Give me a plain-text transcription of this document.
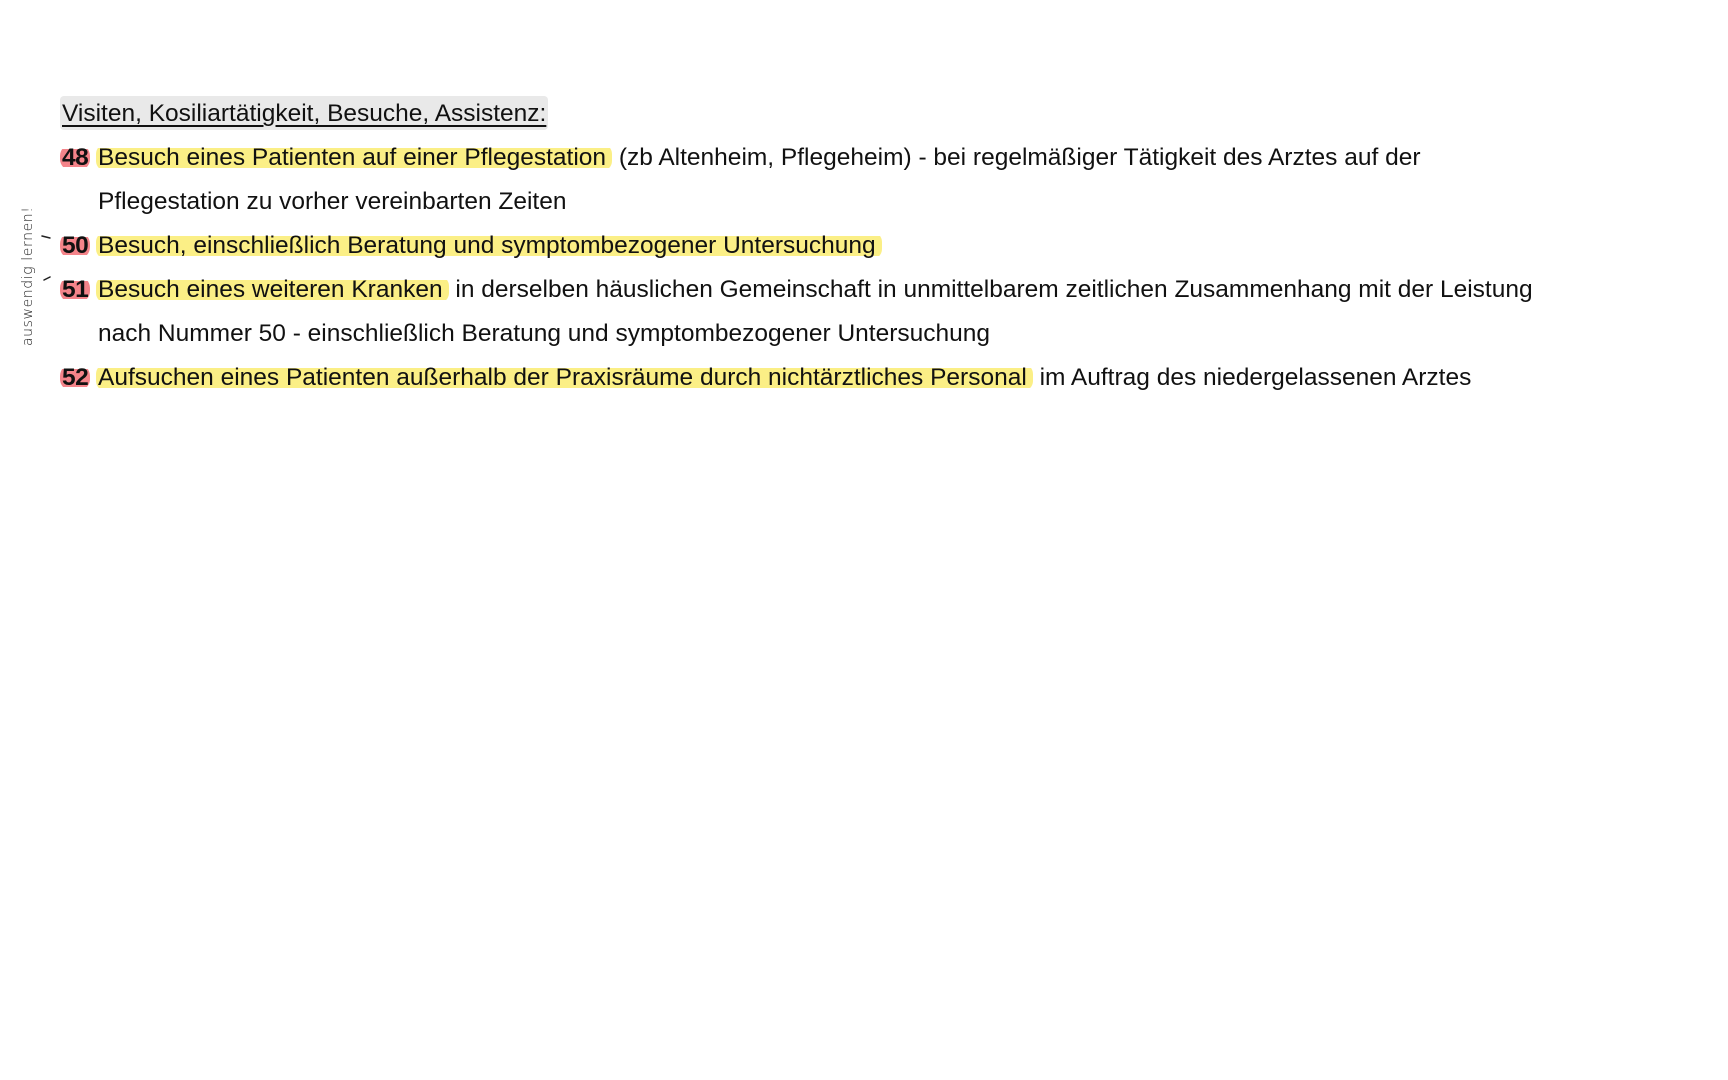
auswendig lernen!
Visiten, Kosiliartätigkeit, Besuche, Assistenz:
48 Besuch eines Patienten auf einer Pflegestation (zb Altenheim, Pflegeheim) - bei regelmäßiger Tätigkeit des Arztes auf der
Pflegestation zu vorher vereinbarten Zeiten
50 Besuch, einschließlich Beratung und symptombezogener Untersuchung
51 Besuch eines weiteren Kranken in derselben häuslichen Gemeinschaft in unmittelbarem zeitlichen Zusammenhang mit der Leistung
nach Nummer 50 - einschließlich Beratung und symptombezogener Untersuchung
52 Aufsuchen eines Patienten außerhalb der Praxisräume durch nichtärztliches Personal im Auftrag des niedergelassenen Arztes
